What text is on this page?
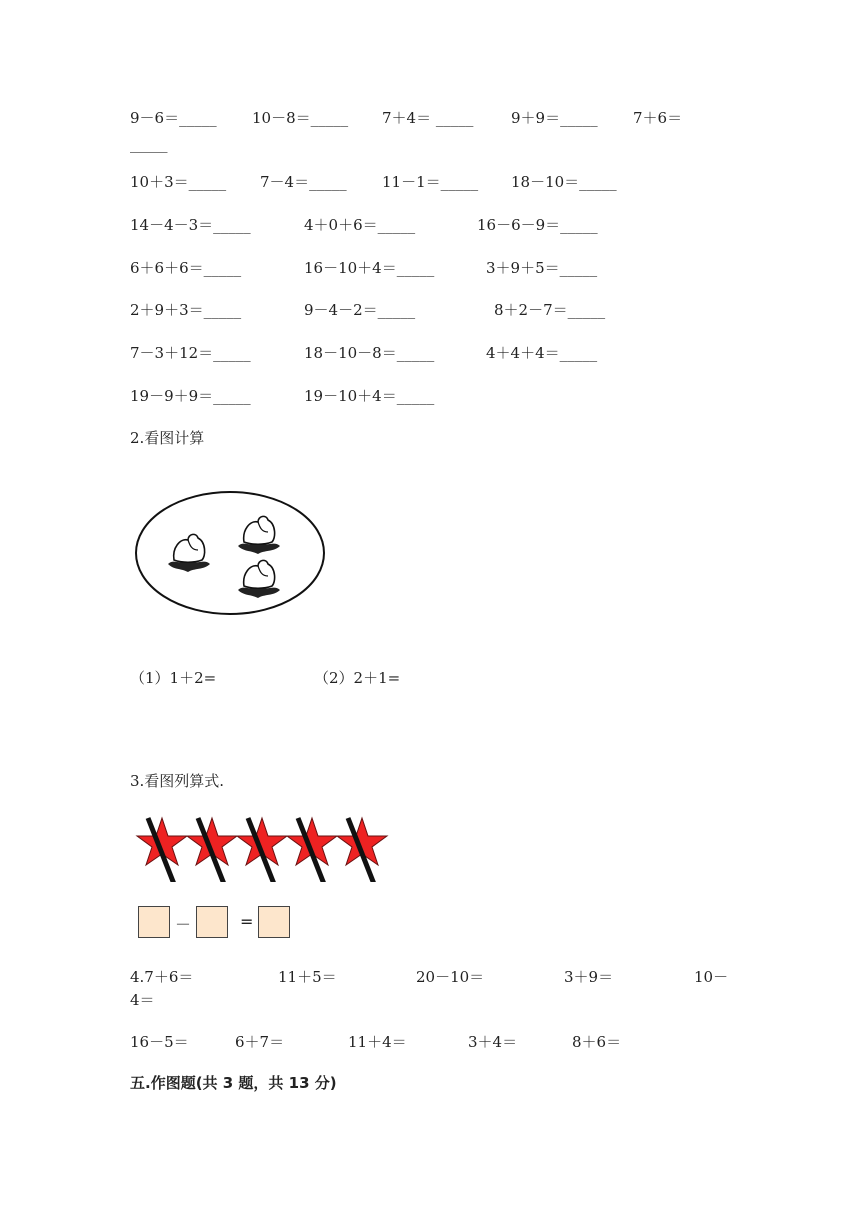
9－6＝_____ 10－8＝_____ 7＋4＝ _____	9＋9＝_____ 7＋6＝
_____
10＋3＝_____ 7－4＝_____ 11－1＝_____ 18－10＝_____
14－4－3＝_____	4＋0＋6＝_____	16－6－9＝_____
6＋6＋6＝_____	16－10＋4＝_____	3＋9＋5＝_____
2＋9＋3＝_____	9－4－2＝_____	8＋2－7＝_____
7－3＋12＝_____	18－10－8＝_____	4＋4＋4＝_____
19－9＋9＝_____	19－10＋4＝_____
2.看图计算
（1）1＋2=	（2）2＋1=
3.看图列算式.
－	=
4.7＋6＝	11＋5＝	20－10＝	3＋9＝	10－
4＝
16－5＝	6＋7＝	11＋4＝	3＋4＝	8＋6＝
五.作图题(共 3 题，共 13 分)
